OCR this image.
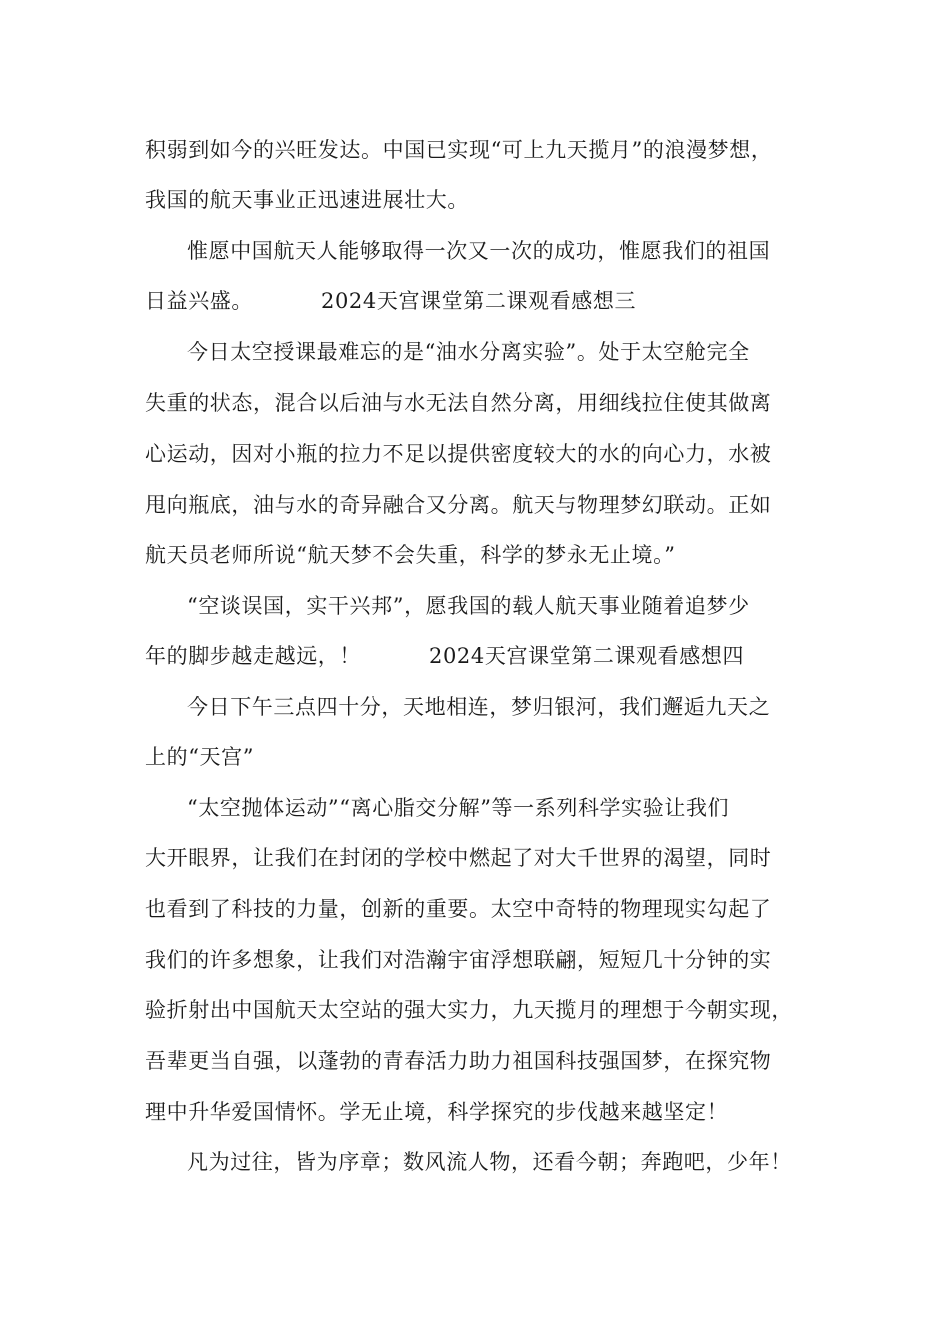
积弱到如今的兴旺发达。中国已实现“可上九天揽月”的浪漫梦想，
我国的航天事业正迅速进展壮大。
惟愿中国航天人能够取得一次又一次的成功，惟愿我们的祖国
日益兴盛。	2024天宫课堂第二课观看感想三
今日太空授课最难忘的是“油水分离实验”。处于太空舱完全
失重的状态，混合以后油与水无法自然分离，用细线拉住使其做离
心运动，因对小瓶的拉力不足以提供密度较大的水的向心力，水被
甩向瓶底，油与水的奇异融合又分离。航天与物理梦幻联动。正如
航天员老师所说“航天梦不会失重，科学的梦永无止境。”
“空谈误国，实干兴邦”，愿我国的载人航天事业随着追梦少
年的脚步越走越远，！	2024天宫课堂第二课观看感想四
今日下午三点四十分，天地相连，梦归银河，我们邂逅九天之
上的“天宫”
“太空抛体运动”“离心脂交分解”等一系列科学实验让我们
大开眼界，让我们在封闭的学校中燃起了对大千世界的渴望，同时
也看到了科技的力量，创新的重要。太空中奇特的物理现实勾起了
我们的许多想象，让我们对浩瀚宇宙浮想联翩，短短几十分钟的实
验折射出中国航天太空站的强大实力，九天揽月的理想于今朝实现，
吾辈更当自强，以蓬勃的青春活力助力祖国科技强国梦，在探究物
理中升华爱国情怀。学无止境，科学探究的步伐越来越坚定！
凡为过往，皆为序章；数风流人物，还看今朝；奔跑吧，少年！
